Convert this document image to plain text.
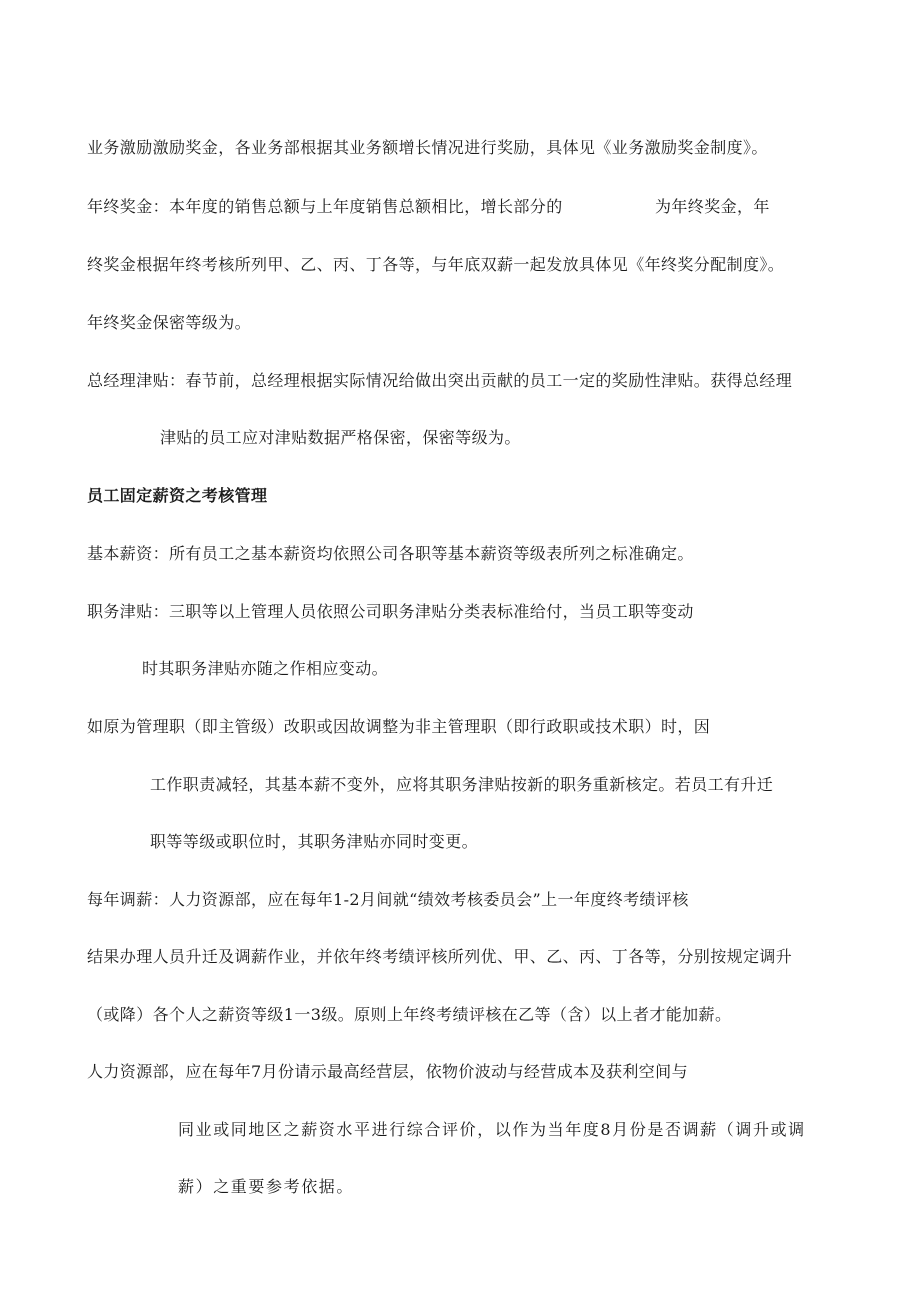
业务激励激励奖金，各业务部根据其业务额增长情况进行奖励，具体见《业务激励奖金制度》。
年终奖金：本年度的销售总额与上年度销售总额相比，增长部分的	为年终奖金，年
终奖金根据年终考核所列甲、乙、丙、丁各等，与年底双薪一起发放具体见《年终奖分配制度》。
年终奖金保密等级为。
总经理津贴：春节前，总经理根据实际情况给做出突出贡献的员工一定的奖励性津贴。获得总经理
津贴的员工应对津贴数据严格保密，保密等级为。
员工固定薪资之考核管理
基本薪资：所有员工之基本薪资均依照公司各职等基本薪资等级表所列之标准确定。
职务津贴：三职等以上管理人员依照公司职务津贴分类表标准给付，当员工职等变动
时其职务津贴亦随之作相应变动。
如原为管理职（即主管级）改职或因故调整为非主管理职（即行政职或技术职）时，因
工作职责减轻，其基本薪不变外，应将其职务津贴按新的职务重新核定。若员工有升迁
职等等级或职位时，其职务津贴亦同时变更。
每年调薪：人力资源部，应在每年1-2月间就“绩效考核委员会”上一年度终考绩评核
结果办理人员升迁及调薪作业，并依年终考绩评核所列优、甲、乙、丙、丁各等，分别按规定调升
（或降）各个人之薪资等级1一3级。原则上年终考绩评核在乙等（含）以上者才能加薪。
人力资源部，应在每年7月份请示最高经营层，依物价波动与经营成本及获利空间与
同业或同地区之薪资水平进行综合评价，以作为当年度8月份是否调薪（调升或调
薪）之重要参考依据。
